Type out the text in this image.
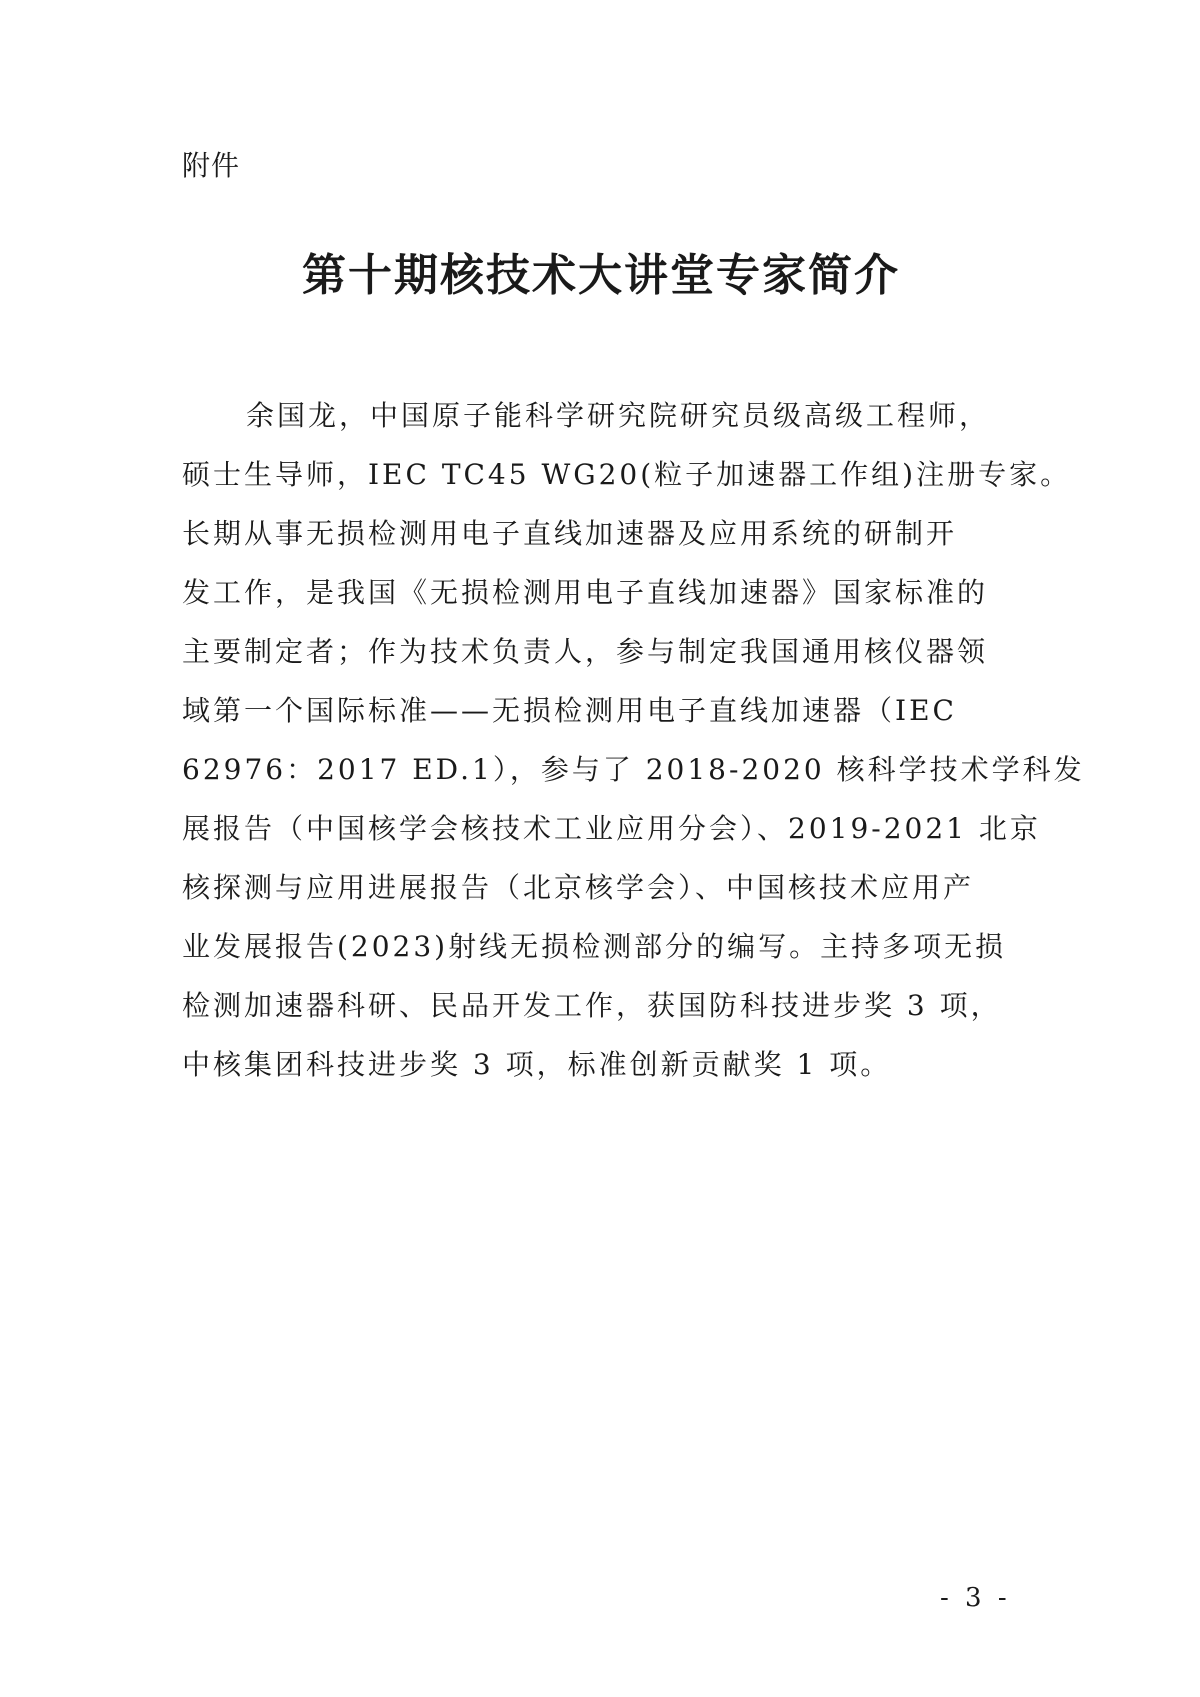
附件
第十期核技术大讲堂专家简介
余国龙，中国原子能科学研究院研究员级高级工程师，
硕士生导师，IEC TC45 WG20(粒子加速器工作组)注册专家。
长期从事无损检测用电子直线加速器及应用系统的研制开
发工作，是我国《无损检测用电子直线加速器》国家标准的
主要制定者；作为技术负责人，参与制定我国通用核仪器领
域第一个国际标准——无损检测用电子直线加速器（IEC
62976：2017 ED.1），参与了 2018-2020 核科学技术学科发
展报告（中国核学会核技术工业应用分会）、2019-2021 北京
核探测与应用进展报告（北京核学会）、中国核技术应用产
业发展报告(2023)射线无损检测部分的编写。主持多项无损
检测加速器科研、民品开发工作，获国防科技进步奖 3 项，
中核集团科技进步奖 3 项，标准创新贡献奖 1 项。
- 3 -
